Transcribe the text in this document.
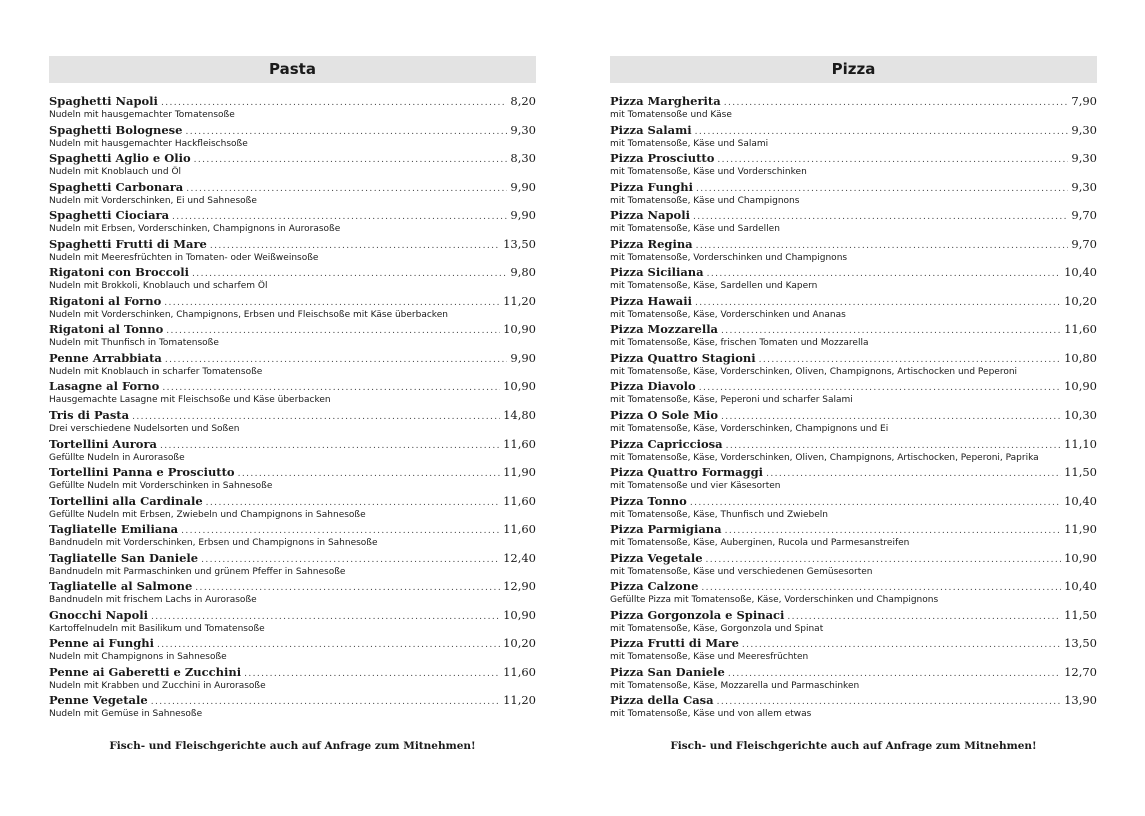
Pasta
Spaghetti Napoli .....	8,20
Nudeln mit hausgemachter Tomatensoße
Spaghetti Bolognese .....	9,30
Nudeln mit hausgemachter Hackfleischsoße
Spaghetti Aglio e Olio .....	8,30
Nudeln mit Knoblauch und Öl
Spaghetti Carbonara .....	9,90
Nudeln mit Vorderschinken, Ei und Sahnesoße
Spaghetti Ciociara .....	9,90
Nudeln mit Erbsen, Vorderschinken, Champignons in Aurorasoße
Spaghetti Frutti di Mare .....	13,50
Nudeln mit Meeresfrüchten in Tomaten- oder Weißweinsoße
Rigatoni con Broccoli .....	9,80
Nudeln mit Brokkoli, Knoblauch und scharfem Öl
Rigatoni al Forno .....	11,20
Nudeln mit Vorderschinken, Champignons, Erbsen und Fleischsoße mit Käse überbacken
Rigatoni al Tonno .....	10,90
Nudeln mit Thunfisch in Tomatensoße
Penne Arrabbiata .....	9,90
Nudeln mit Knoblauch in scharfer Tomatensoße
Lasagne al Forno .....	10,90
Hausgemachte Lasagne mit Fleischsoße und Käse überbacken
Tris di Pasta .....	14,80
Drei verschiedene Nudelsorten und Soßen
Tortellini Aurora .....	11,60
Gefüllte Nudeln in Aurorasoße
Tortellini Panna e Prosciutto .....	11,90
Gefüllte Nudeln mit Vorderschinken in Sahnesoße
Tortellini alla Cardinale .....	11,60
Gefüllte Nudeln mit Erbsen, Zwiebeln und Champignons in Sahnesoße
Tagliatelle Emiliana .....	11,60
Bandnudeln mit Vorderschinken, Erbsen und Champignons in Sahnesoße
Tagliatelle San Daniele .....	12,40
Bandnudeln mit Parmaschinken und grünem Pfeffer in Sahnesoße
Tagliatelle al Salmone .....	12,90
Bandnudeln mit frischem Lachs in Aurorasoße
Gnocchi Napoli .....	10,90
Kartoffelnudeln mit Basilikum und Tomatensoße
Penne ai Funghi .....	10,20
Nudeln mit Champignons in Sahnesoße
Penne ai Gaberetti e Zucchini .....	11,60
Nudeln mit Krabben und Zucchini in Aurorasoße
Penne Vegetale .....	11,20
Nudeln mit Gemüse in Sahnesoße
Pizza
Pizza Margherita .....	7,90
mit Tomatensoße und Käse
Pizza Salami .....	9,30
mit Tomatensoße, Käse und Salami
Pizza Prosciutto .....	9,30
mit Tomatensoße, Käse und Vorderschinken
Pizza Funghi .....	9,30
mit Tomatensoße, Käse und Champignons
Pizza Napoli .....	9,70
mit Tomatensoße, Käse und Sardellen
Pizza Regina .....	9,70
mit Tomatensoße, Vorderschinken und Champignons
Pizza Siciliana .....	10,40
mit Tomatensoße, Käse, Sardellen und Kapern
Pizza Hawaii .....	10,20
mit Tomatensoße, Käse, Vorderschinken und Ananas
Pizza Mozzarella .....	11,60
mit Tomatensoße, Käse, frischen Tomaten und Mozzarella
Pizza Quattro Stagioni .....	10,80
mit Tomatensoße, Käse, Vorderschinken, Oliven, Champignons, Artischocken und Peperoni
Pizza Diavolo .....	10,90
mit Tomatensoße, Käse, Peperoni und scharfer Salami
Pizza O Sole Mio .....	10,30
mit Tomatensoße, Käse, Vorderschinken, Champignons und Ei
Pizza Capricciosa .....	11,10
mit Tomatensoße, Käse, Vorderschinken, Oliven, Champignons, Artischocken, Peperoni, Paprika
Pizza Quattro Formaggi .....	11,50
mit Tomatensoße und vier Käsesorten
Pizza Tonno .....	10,40
mit Tomatensoße, Käse, Thunfisch und Zwiebeln
Pizza Parmigiana .....	11,90
mit Tomatensoße, Käse, Auberginen, Rucola und Parmesanstreifen
Pizza Vegetale .....	10,90
mit Tomatensoße, Käse und verschiedenen Gemüsesorten
Pizza Calzone .....	10,40
Gefüllte Pizza mit Tomatensoße, Käse, Vorderschinken und Champignons
Pizza Gorgonzola e Spinaci .....	11,50
mit Tomatensoße, Käse, Gorgonzola und Spinat
Pizza Frutti di Mare .....	13,50
mit Tomatensoße, Käse und Meeresfrüchten
Pizza San Daniele .....	12,70
mit Tomatensoße, Käse, Mozzarella und Parmaschinken
Pizza della Casa .....	13,90
mit Tomatensoße, Käse und von allem etwas
Fisch- und Fleischgerichte auch auf Anfrage zum Mitnehmen!	Fisch- und Fleischgerichte auch auf Anfrage zum Mitnehmen!
